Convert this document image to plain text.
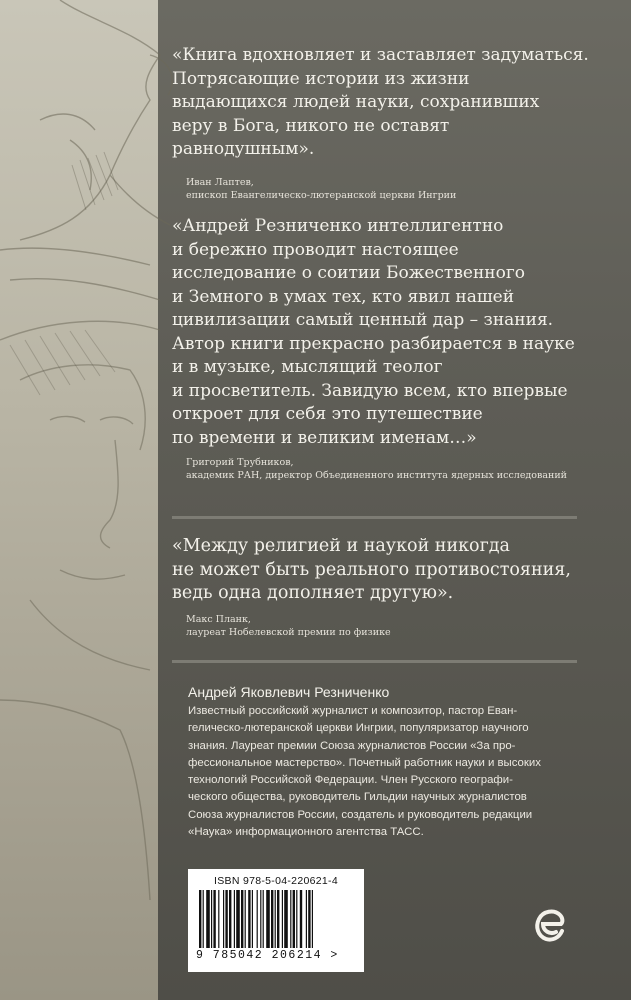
«Книга вдохновляет и заставляет задуматься.
Потрясающие истории из жизни
выдающихся людей науки, сохранивших
веру в Бога, никого не оставят
равнодушным».

Иван Лаптев,
епископ Евангелическо-лютеранской церкви Ингрии

«Андрей Резниченко интеллигентно
и бережно проводит настоящее
исследование о соитии Божественного
и Земного в умах тех, кто явил нашей
цивилизации самый ценный дар – знания.
Автор книги прекрасно разбирается в науке
и в музыке, мыслящий теолог
и просветитель. Завидую всем, кто впервые
откроет для себя это путешествие
по времени и великим именам…»

Григорий Трубников,
академик РАН, директор Объединенного института ядерных исследований

«Между религией и наукой никогда
не может быть реального противостояния,
ведь одна дополняет другую».

Макс Планк,
лауреат Нобелевской премии по физике

Андрей Яковлевич Резниченко

Известный российский журналист и композитор, пастор Еван-
гелическо-лютеранской церкви Ингрии, популяризатор научного
знания. Лауреат премии Союза журналистов России «За про-
фессиональное мастерство». Почетный работник науки и высоких
технологий Российской Федерации. Член Русского географи-
ческого общества, руководитель Гильдии научных журналистов
Союза журналистов России, создатель и руководитель редакции
«Наука» информационного агентства ТАСС.

ISBN 978-5-04-220621-4
9 785042 206214 >
